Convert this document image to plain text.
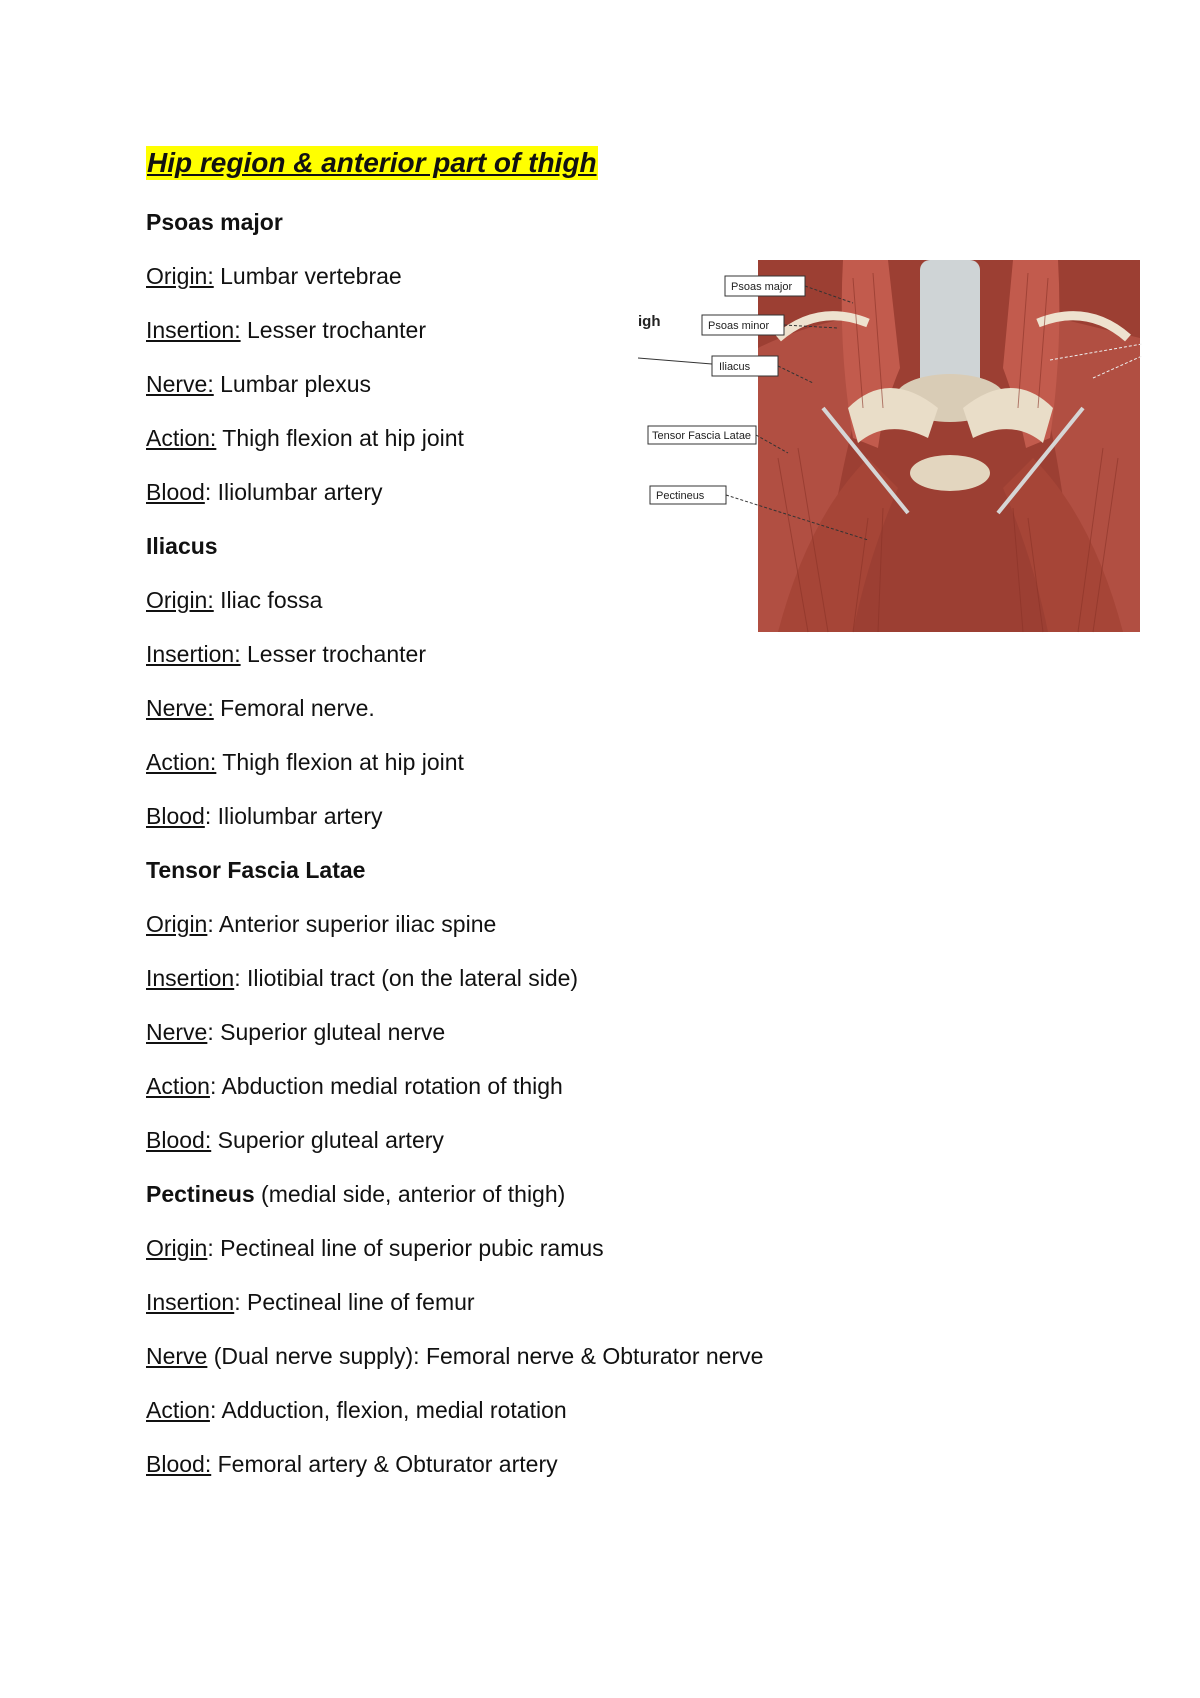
Hip region & anterior part of thigh
Psoas major
Origin: Lumbar vertebrae
Insertion: Lesser trochanter
Nerve: Lumbar plexus
Action: Thigh flexion at hip joint
Blood: Iliolumbar artery
Iliacus
Origin: Iliac fossa
Insertion: Lesser trochanter
Nerve: Femoral nerve.
Action: Thigh flexion at hip joint
Blood: Iliolumbar artery
Tensor Fascia Latae
Origin: Anterior superior iliac spine
Insertion: Iliotibial tract (on the lateral side)
Nerve: Superior gluteal nerve
Action: Abduction medial rotation of thigh
Blood: Superior gluteal artery
Pectineus (medial side, anterior of thigh)
Origin: Pectineal line of superior pubic ramus
Insertion: Pectineal line of femur
Nerve (Dual nerve supply): Femoral nerve & Obturator nerve
Action: Adduction, flexion, medial rotation
Blood: Femoral artery & Obturator artery
Psoas major
Psoas minor
Iliacus
Tensor Fascia Latae
Pectineus
igh
